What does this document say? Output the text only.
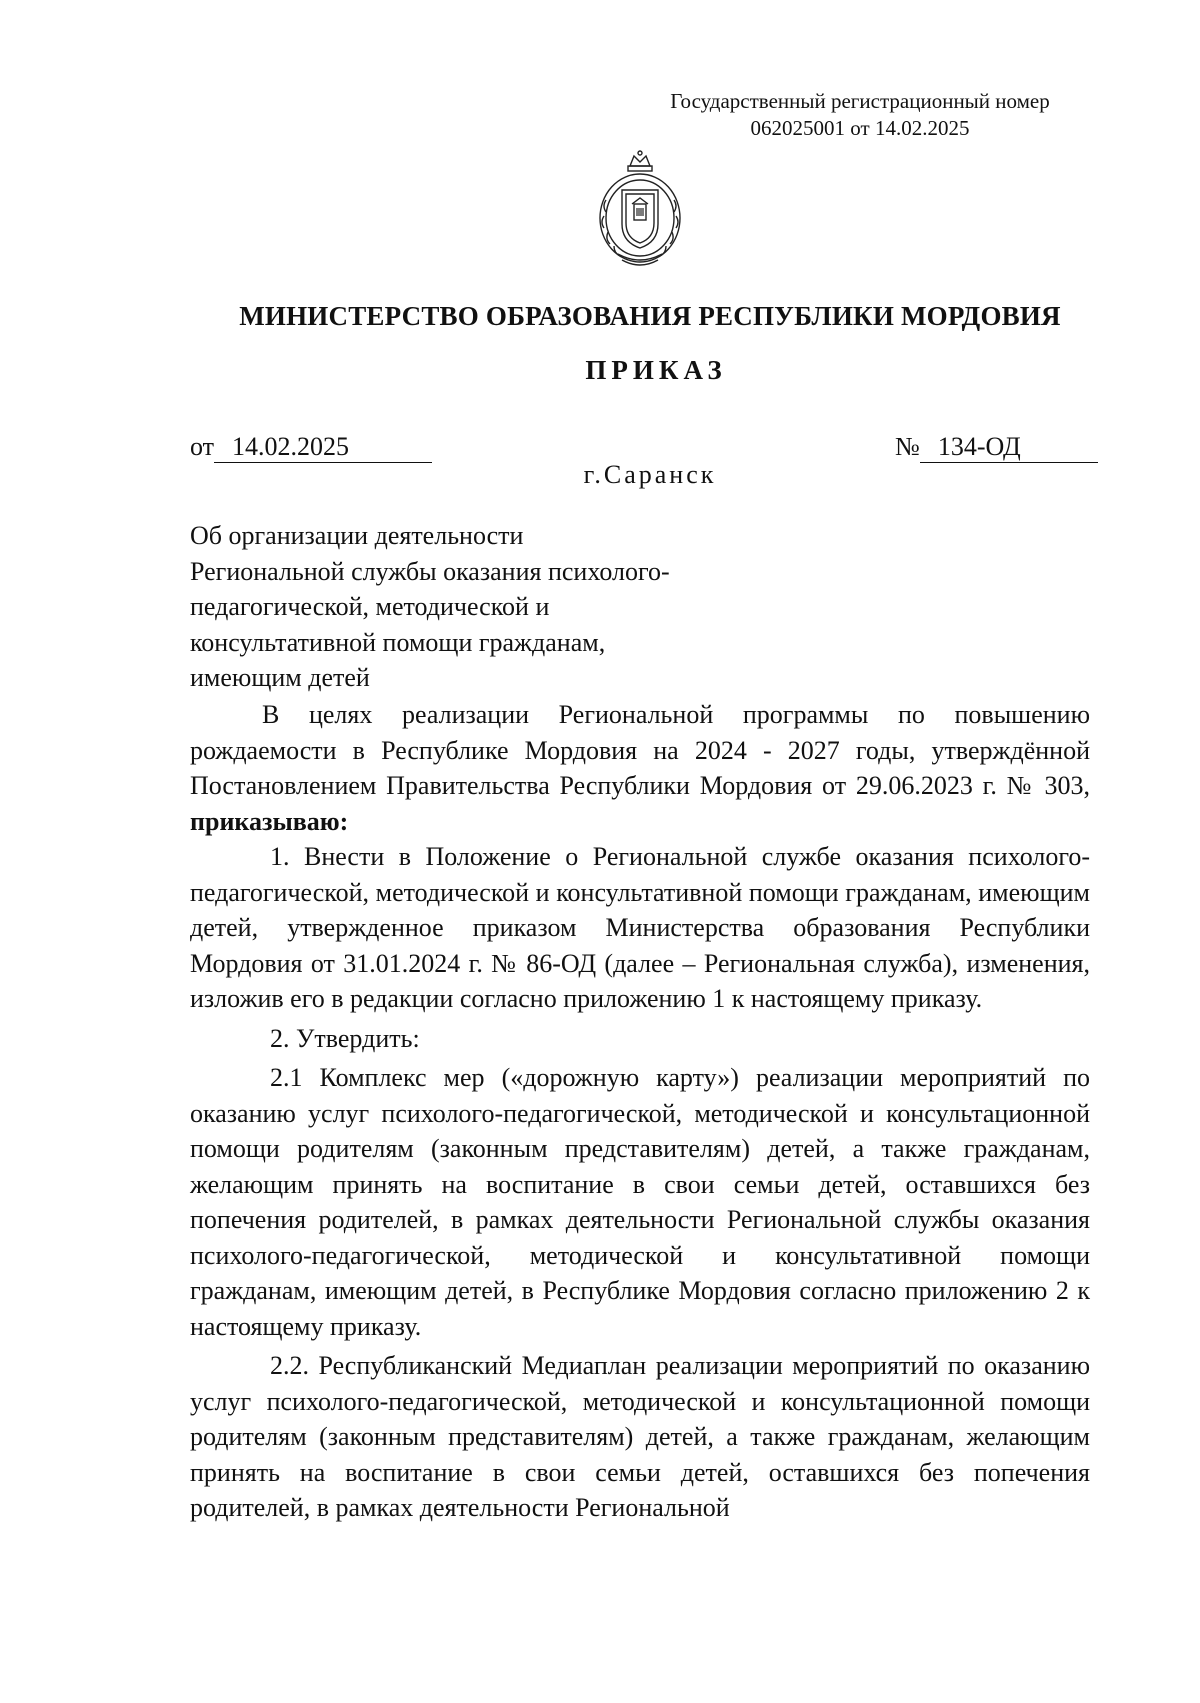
Государственный регистрационный номер
062025001 от 14.02.2025
МИНИСТЕРСТВО ОБРАЗОВАНИЯ РЕСПУБЛИКИ МОРДОВИЯ
ПРИКАЗ
от 14.02.2025	№ 134-ОД
г.Саранск
Об организации деятельности
Региональной службы оказания психолого-
педагогической, методической и
консультативной помощи гражданам,
имеющим детей

В целях реализации Региональной программы по повышению рождаемости в Республике Мордовия на 2024 - 2027 годы, утверждённой Постановлением Правительства Республики Мордовия от 29.06.2023 г. № 303, приказываю:

1. Внести в Положение о Региональной службе оказания психолого-педагогической, методической и консультативной помощи гражданам, имеющим детей, утвержденное приказом Министерства образования Республики Мордовия от 31.01.2024 г. № 86-ОД (далее – Региональная служба), изменения, изложив его в редакции согласно приложению 1 к настоящему приказу.

2. Утвердить:

2.1 Комплекс мер («дорожную карту») реализации мероприятий по оказанию услуг психолого-педагогической, методической и консультационной помощи родителям (законным представителям) детей, а также гражданам, желающим принять на воспитание в свои семьи детей, оставшихся без попечения родителей, в рамках деятельности Региональной службы оказания психолого-педагогической, методической и консультативной помощи гражданам, имеющим детей, в Республике Мордовия согласно приложению 2 к настоящему приказу.

2.2. Республиканский Медиаплан реализации мероприятий по оказанию услуг психолого-педагогической, методической и консультационной помощи родителям (законным представителям) детей, а также гражданам, желающим принять на воспитание в свои семьи детей, оставшихся без попечения родителей, в рамках деятельности Региональной
